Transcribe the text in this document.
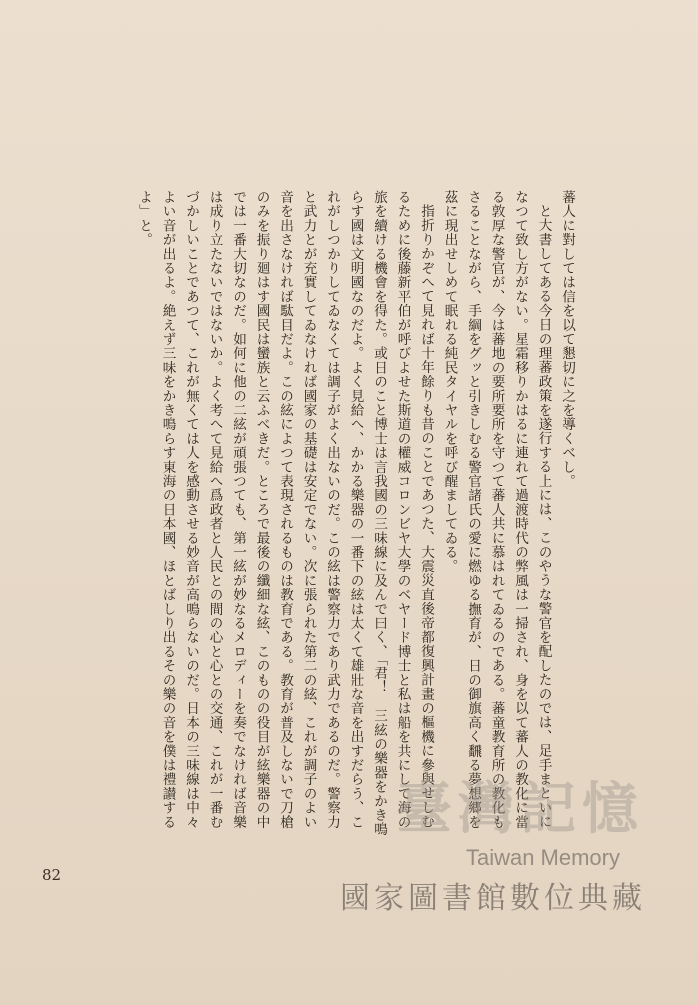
蕃人に對しては信を以て懇切に之を導くべし。

と大書してある今日の理蕃政策を遂行する上には、このやうな警官を配したのでは、足手まといになつて致し方がない。星霜移りかはるに連れて過渡時代の弊風は一掃され、身を以て蕃人の教化に當る敦厚な警官が、今は蕃地の要所要所を守つて蕃人共に慕はれてゐるのである。蕃童教育所の教化もさることながら、手綱をグッと引きしむる警官諸氏の愛に燃ゆる撫育が、日の御旗高く飜る夢想郷を茲に現出せしめて眠れる純民タイヤルを呼び醒ましてゐる。

指折りかぞへて見れば十年餘りも昔のことであつた、大震災直後帝都復興計畫の樞機に參與せしむるために後藤新平伯が呼びよせた斯道の權威コロンビヤ大學のベヤード博士と私は船を共にして海の旅を續ける機會を得た。或日のこと博士は言我國の三味線に及んで曰く、「君！　三絃の樂器をかき鳴らす國は文明國なのだよ。よく見給へ、かかる樂器の一番下の絃は太くて雄壯な音を出すだらう、これがしつかりしてゐなくては調子がよく出ないのだ。この絃は警察力であり武力であるのだ。警察力と武力とが充實してゐなければ國家の基礎は安定でない。次に張られた第二の絃、これが調子のよい音を出さなければ駄目だよ。この絃によつて表現されるものは教育である。教育が普及しないで刀槍のみを振り廻はす國民は蠻族と云ふべきだ。ところで最後の纖細な絃、このものの役目が絃樂器の中では一番大切なのだ。如何に他の二絃が頑張つても、第一絃が妙なるメロディーを奏でなければ音樂は成り立たないではないか。よく考へて見給へ爲政者と人民との間の心と心との交通、これが一番むづかしいことであつて、これが無くては人を感動させる妙音が高鳴らないのだ。日本の三味線は中々よい音が出るよ。絶えず三味をかき鳴らす東海の日本國、ほとばしり出るその樂の音を僕は禮讃するよ」と。

82
臺灣記憶
Taiwan Memory
國家圖書館數位典藏
